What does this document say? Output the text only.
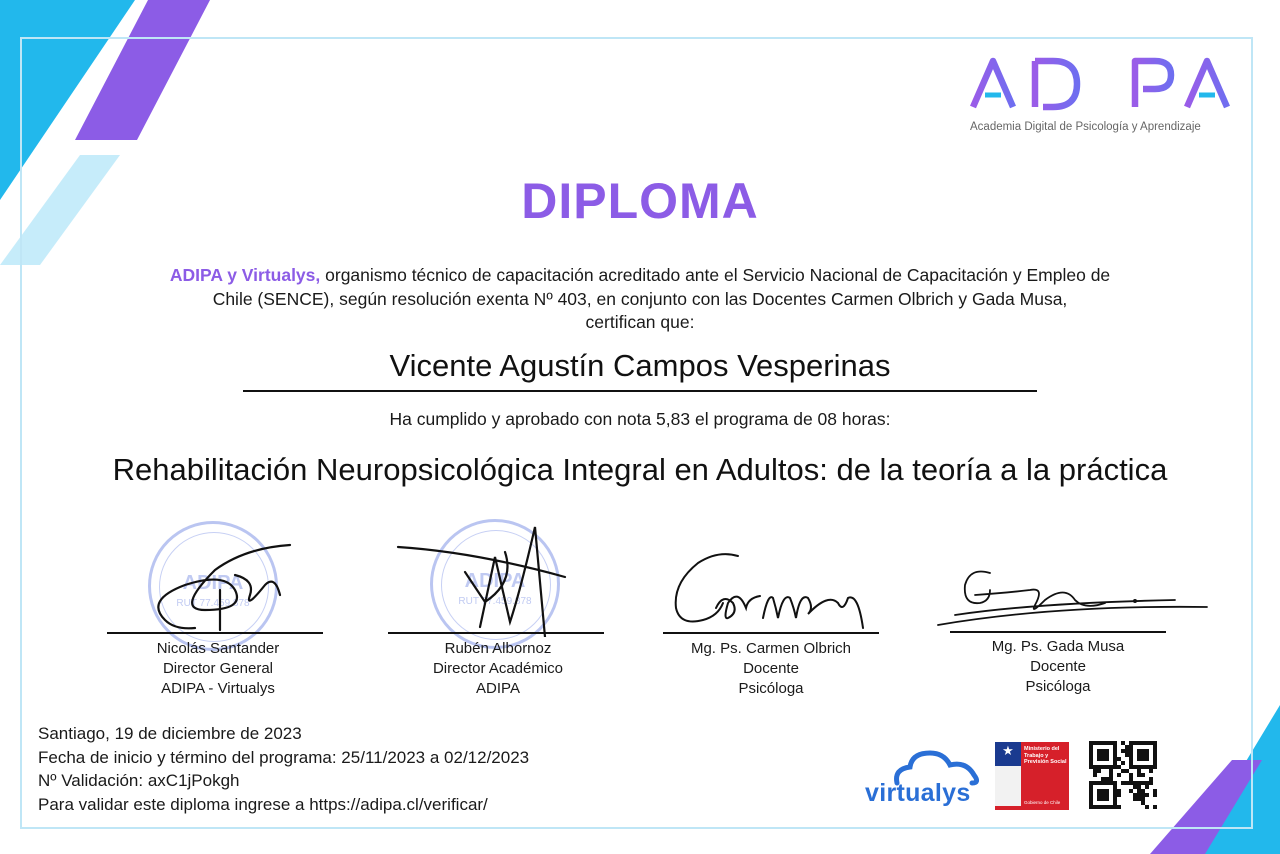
Academia Digital de Psicología y Aprendizaje
DIPLOMA
ADIPA y Virtualys, organismo técnico de capacitación acreditado ante el Servicio Nacional de Capacitación y Empleo de
Chile (SENCE), según resolución exenta Nº 403, en conjunto con las Docentes Carmen Olbrich y Gada Musa,
certifican que:
Vicente Agustín Campos Vesperinas
Ha cumplido y aprobado con nota 5,83 el programa de 08 horas:
Rehabilitación Neuropsicológica Integral en Adultos: de la teoría a la práctica
ADIPA
RUT 77.459.878
ADIPA
RUT 77.459.878
Nicolás Santander
Director General
ADIPA - Virtualys
Rubén Albornoz
Director Académico
ADIPA
Mg. Ps. Carmen Olbrich
Docente
Psicóloga
Mg. Ps. Gada Musa
Docente
Psicóloga
Santiago, 19 de diciembre de 2023
Fecha de inicio y término del programa: 25/11/2023 a 02/12/2023
Nº Validación: axC1jPokgh
Para validar este diploma ingrese a https://adipa.cl/verificar/	virtualys
★	Ministerio del Trabajo y Previsión Social
Gobierno de Chile
